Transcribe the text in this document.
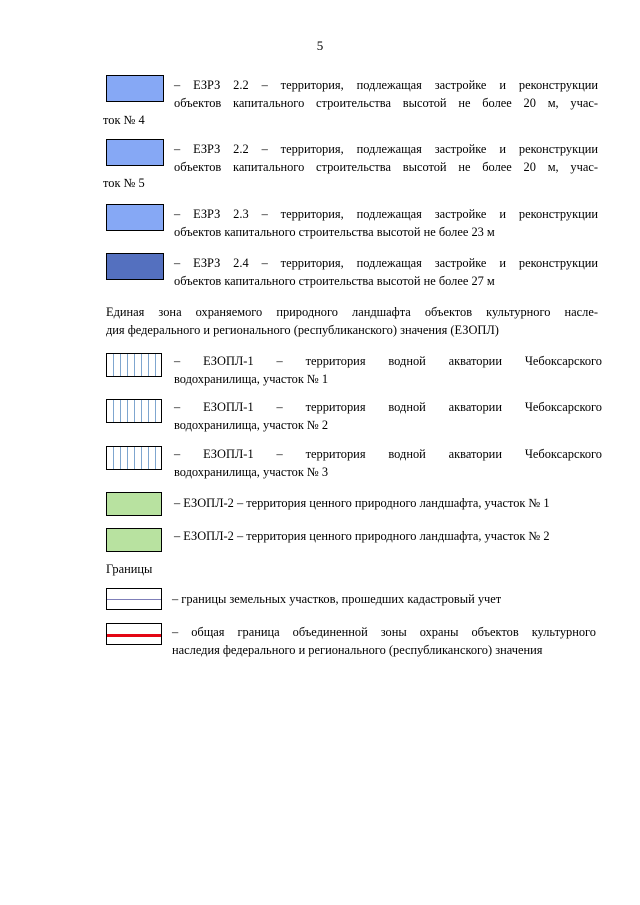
5
– ЕЗРЗ 2.2 – территория, подлежащая застройке и реконструкции
объектов капитального строительства высотой не более 20 м, учас-
ток № 4
– ЕЗРЗ 2.2 – территория, подлежащая застройке и реконструкции
объектов капитального строительства высотой не более 20 м, учас-
ток № 5
– ЕЗРЗ 2.3 – территория, подлежащая застройке и реконструкции
объектов капитального строительства высотой не более 23 м
– ЕЗРЗ 2.4 – территория, подлежащая застройке и реконструкции
объектов капитального строительства высотой не более 27 м
Единая зона охраняемого природного ландшафта объектов культурного насле-
дия федерального и регионального (республиканского) значения (ЕЗОПЛ)
– ЕЗОПЛ-1 – территория водной акватории Чебоксарского
водохранилища, участок № 1
– ЕЗОПЛ-1 – территория водной акватории Чебоксарского
водохранилища, участок № 2
– ЕЗОПЛ-1 – территория водной акватории Чебоксарского
водохранилища, участок № 3
– ЕЗОПЛ-2 – территория ценного природного ландшафта, участок № 1
– ЕЗОПЛ-2 – территория ценного природного ландшафта, участок № 2
Границы
– границы земельных участков, прошедших кадастровый учет
– общая граница объединенной зоны охраны объектов культурного
наследия федерального и регионального (республиканского) значения
